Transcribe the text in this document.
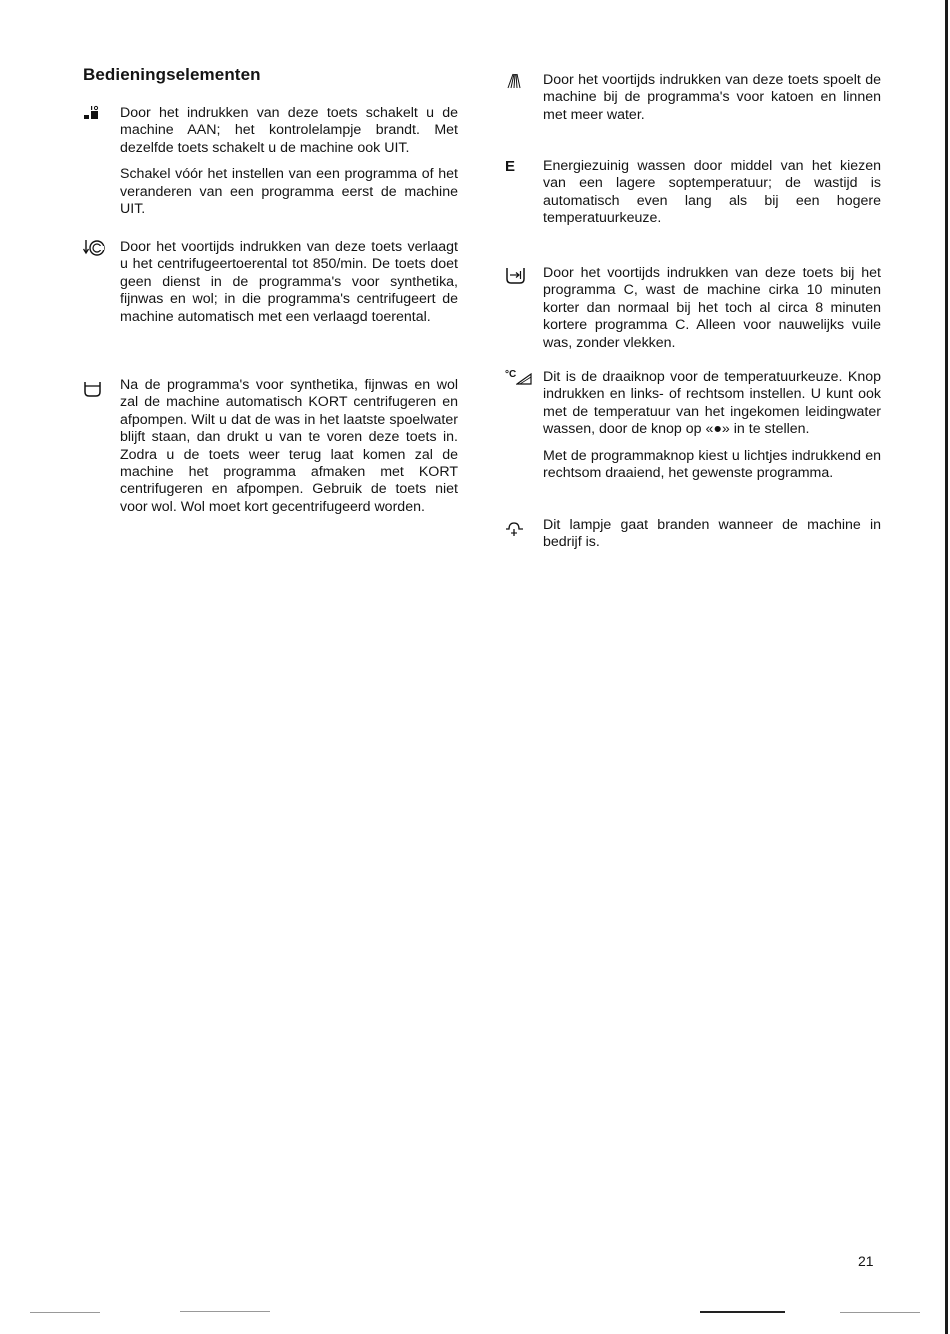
Bedieningselementen

Door het indrukken van deze toets schakelt u de machine AAN; het kontrolelampje brandt. Met dezelfde toets schakelt u de machine ook UIT.

Schakel vóór het instellen van een programma of het veranderen van een programma eerst de machine UIT.

Door het voortijds indrukken van deze toets verlaagt u het centrifugeertoerental tot 850/min. De toets doet geen dienst in de programma's voor synthetika, fijnwas en wol; in die programma's centrifugeert de machine automatisch met een verlaagd toerental.

Na de programma's voor synthetika, fijnwas en wol zal de machine automatisch KORT centrifugeren en afpompen. Wilt u dat de was in het laatste spoelwater blijft staan, dan drukt u van te voren deze toets in. Zodra u de toets weer terug laat komen zal de machine het programma afmaken met KORT centrifugeren en afpompen. Gebruik de toets niet voor wol. Wol moet kort gecentrifugeerd worden.

Door het voortijds indrukken van deze toets spoelt de machine bij de programma's voor katoen en linnen met meer water.

E	Energiezuinig wassen door middel van het kiezen van een lagere soptemperatuur; de wastijd is automatisch even lang als bij een hogere temperatuurkeuze.

Door het voortijds indrukken van deze toets bij het programma C, wast de machine cirka 10 minuten korter dan normaal bij het toch al circa 8 minuten kortere programma C. Alleen voor nauwelijks vuile was, zonder vlekken.

°C Dit is de draaiknop voor de temperatuurkeuze. Knop indrukken en links- of rechtsom instellen. U kunt ook met de temperatuur van het ingekomen leidingwater wassen, door de knop op «●» in te stellen.

Met de programmaknop kiest u lichtjes indrukkend en rechtsom draaiend, het gewenste programma.

Dit lampje gaat branden wanneer de machine in bedrijf is.

21
